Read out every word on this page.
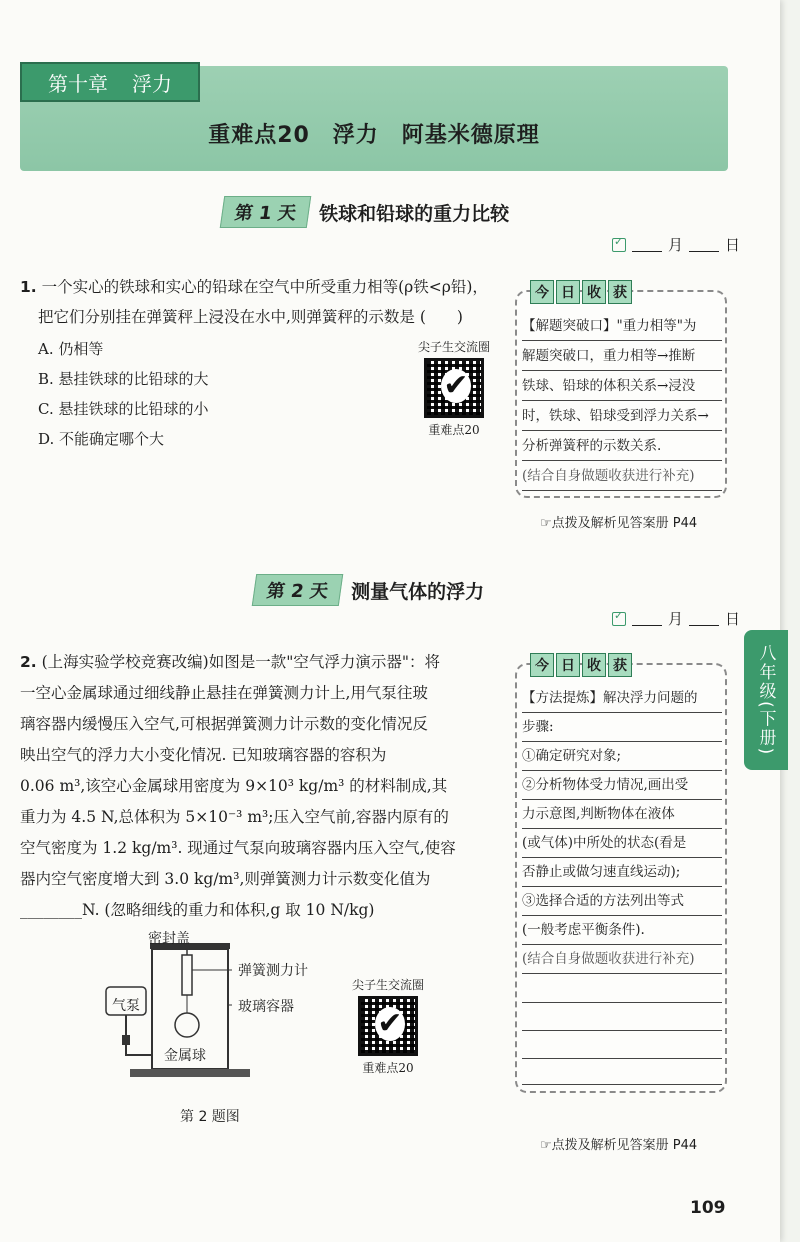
第十章 浮力
重难点20　浮力　阿基米德原理
第 1 天	铁球和铅球的重力比较
✓
月	日
1. 一个实心的铁球和实心的铅球在空气中所受重力相等(ρ铁<ρ铅)，
把它们分别挂在弹簧秤上浸没在水中,则弹簧秤的示数是 (　　)
A. 仍相等
B. 悬挂铁球的比铅球的大
C. 悬挂铁球的比铅球的小
D. 不能确定哪个大
尖子生交流圈
✔
重难点20
今 日 收 获
【解题突破口】"重力相等"为
解题突破口，重力相等→推断
铁球、铅球的体积关系→浸没
时，铁球、铅球受到浮力关系→
分析弹簧秤的示数关系.
(结合自身做题收获进行补充)
☞点拨及解析见答案册 P44
第 2 天	测量气体的浮力
✓
月	日
2. (上海实验学校竞赛改编)如图是一款"空气浮力演示器"：将
一空心金属球通过细线静止悬挂在弹簧测力计上,用气泵往玻
璃容器内缓慢压入空气,可根据弹簧测力计示数的变化情况反
映出空气的浮力大小变化情况. 已知玻璃容器的容积为
0.06 m³,该空心金属球用密度为 9×10³ kg/m³ 的材料制成,其
重力为 4.5 N,总体积为 5×10⁻³ m³;压入空气前,容器内原有的
空气密度为 1.2 kg/m³. 现通过气泵向玻璃容器内压入空气,使容
器内空气密度增大到 3.0 kg/m³,则弹簧测力计示数变化值为
________N. (忽略细线的重力和体积,g 取 10 N/kg)
密封盖
弹簧测力计
玻璃容器
气泵
金属球
第 2 题图
尖子生交流圈
✔
重难点20
今 日 收 获
【方法提炼】解决浮力问题的
步骤:
①确定研究对象;
②分析物体受力情况,画出受
力示意图,判断物体在液体
(或气体)中所处的状态(看是
否静止或做匀速直线运动);
③选择合适的方法列出等式
(一般考虑平衡条件).
(结合自身做题收获进行补充)
☞点拨及解析见答案册 P44
109
八年级(下册)
